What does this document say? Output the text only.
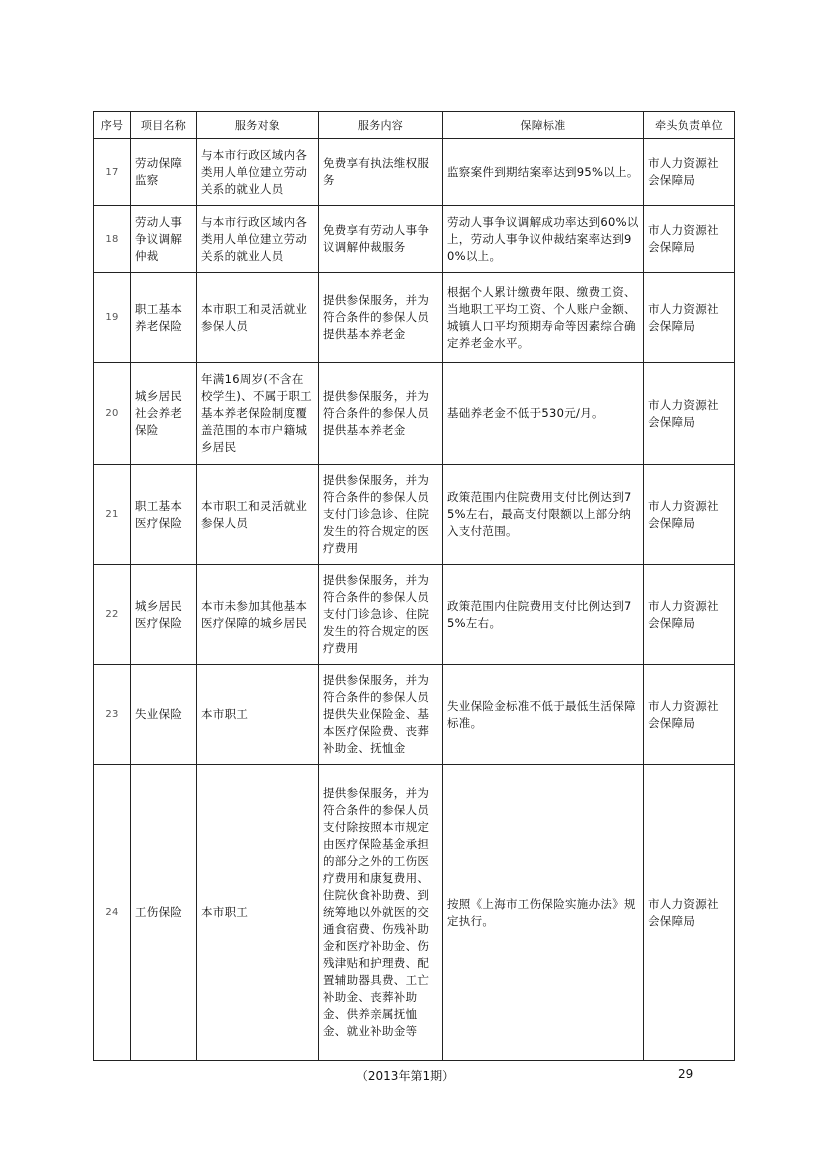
序号	项目名称	服务对象	服务内容	保障标准	牵头负责单位
17	劳动保障监察	与本市行政区域内各类用人单位建立劳动关系的就业人员	免费享有执法维权服务	监察案件到期结案率达到95%以上。	市人力资源社会保障局
18	劳动人事争议调解仲裁	与本市行政区域内各类用人单位建立劳动关系的就业人员	免费享有劳动人事争议调解仲裁服务	劳动人事争议调解成功率达到60%以上，劳动人事争议仲裁结案率达到90%以上。	市人力资源社会保障局
19	职工基本养老保险	本市职工和灵活就业参保人员	提供参保服务，并为符合条件的参保人员提供基本养老金	根据个人累计缴费年限、缴费工资、当地职工平均工资、个人账户金额、城镇人口平均预期寿命等因素综合确定养老金水平。	市人力资源社会保障局
20	城乡居民社会养老保险	年满16周岁(不含在校学生)、不属于职工基本养老保险制度覆盖范围的本市户籍城乡居民	提供参保服务，并为符合条件的参保人员提供基本养老金	基础养老金不低于530元/月。	市人力资源社会保障局
21	职工基本医疗保险	本市职工和灵活就业参保人员	提供参保服务，并为符合条件的参保人员支付门诊急诊、住院发生的符合规定的医疗费用	政策范围内住院费用支付比例达到75%左右，最高支付限额以上部分纳入支付范围。	市人力资源社会保障局
22	城乡居民医疗保险	本市未参加其他基本医疗保障的城乡居民	提供参保服务，并为符合条件的参保人员支付门诊急诊、住院发生的符合规定的医疗费用	政策范围内住院费用支付比例达到75%左右。	市人力资源社会保障局
23	失业保险	本市职工	提供参保服务，并为符合条件的参保人员提供失业保险金、基本医疗保险费、丧葬补助金、抚恤金	失业保险金标准不低于最低生活保障标准。	市人力资源社会保障局
24	工伤保险	本市职工	提供参保服务，并为符合条件的参保人员支付除按照本市规定由医疗保险基金承担的部分之外的工伤医疗费用和康复费用、住院伙食补助费、到统筹地以外就医的交通食宿费、伤残补助金和医疗补助金、伤残津贴和护理费、配置辅助器具费、工亡补助金、丧葬补助金、供养亲属抚恤金、就业补助金等	按照《上海市工伤保险实施办法》规定执行。	市人力资源社会保障局
（2013年第1期）	29
